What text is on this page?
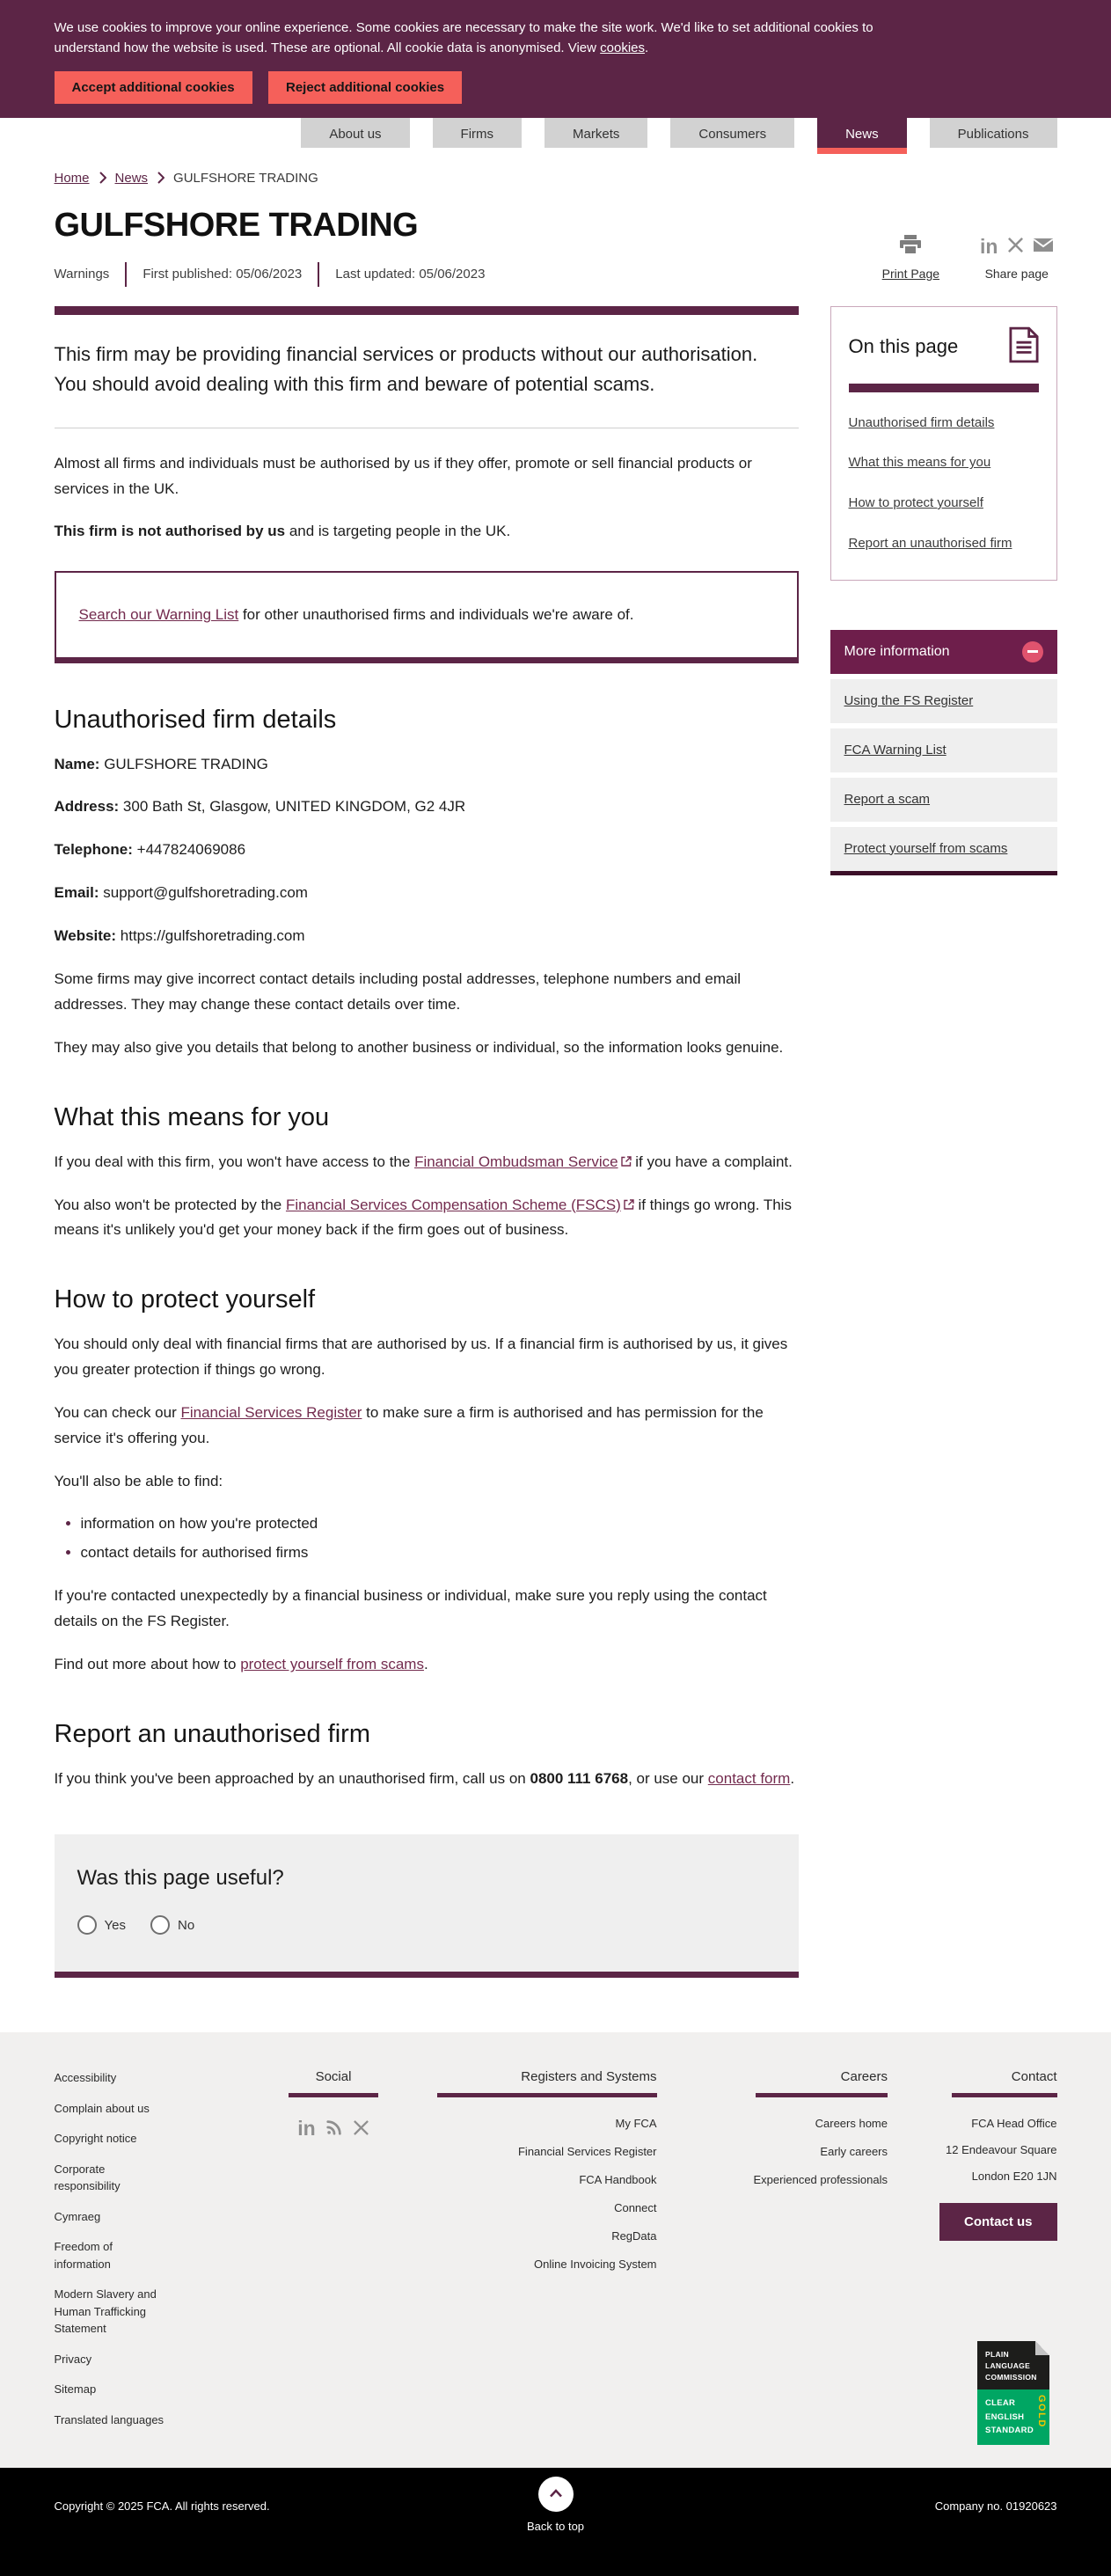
We use cookies to improve your online experience. Some cookies are necessary to make the site work. We'd like to set additional cookies to
understand how the website is used. These are optional. All cookie data is anonymised. View cookies.
Accept additional cookies	Reject additional cookies
About us	Firms	Markets	Consumers	News	Publications
Home News GULFSHORE TRADING
GULFSHORE TRADING
Warnings	First published: 05/06/2023	Last updated: 05/06/2023	Print Page
in
Share page

This firm may be providing financial services or products without our authorisation.
You should avoid dealing with this firm and beware of potential scams.

Almost all firms and individuals must be authorised by us if they offer, promote or sell financial products or services in the UK.

This firm is not authorised by us and is targeting people in the UK.

Search our Warning List for other unauthorised firms and individuals we're aware of.
Unauthorised firm details

Name: GULFSHORE TRADING

Address: 300 Bath St, Glasgow, UNITED KINGDOM, G2 4JR

Telephone: +447824069086

Email: support@gulfshoretrading.com

Website: https://gulfshoretrading.com

Some firms may give incorrect contact details including postal addresses, telephone numbers and email addresses. They may change these contact details over time.

They may also give you details that belong to another business or individual, so the information looks genuine.

What this means for you

If you deal with this firm, you won't have access to the Financial Ombudsman Service if you have a complaint.

You also won't be protected by the Financial Services Compensation Scheme (FSCS) if things go wrong. This means it's unlikely you'd get your money back if the firm goes out of business.

How to protect yourself

You should only deal with financial firms that are authorised by us. If a financial firm is authorised by us, it gives you greater protection if things go wrong.

You can check our Financial Services Register to make sure a firm is authorised and has permission for the service it's offering you.

You'll also be able to find:

• information on how you're protected
• contact details for authorised firms

If you're contacted unexpectedly by a financial business or individual, make sure you reply using the contact details on the FS Register.

Find out more about how to protect yourself from scams.

Report an unauthorised firm

If you think you've been approached by an unauthorised firm, call us on 0800 111 6768, or use our contact form.

Was this page useful?
Yes	No
On this page
Unauthorised firm details
What this means for you
How to protect yourself
Report an unauthorised firm
More information
Using the FS Register
FCA Warning List
Report a scam
Protect yourself from scams
Accessibility
Complain about us
Copyright notice
Corporate responsibility
Cymraeg
Freedom of information
Modern Slavery and Human Trafficking Statement
Privacy
Sitemap
Translated languages
Social
in
Registers and Systems
My FCA
Financial Services Register
FCA Handbook
Connect
RegData
Online Invoicing System
Careers
Careers home
Early careers
Experienced professionals
Contact
FCA Head Office
12 Endeavour Square
London E20 1JN
Contact us
PLAIN
LANGUAGE
COMMISSION
CLEAR
ENGLISH
STANDARD
GOLD
Copyright © 2025 FCA. All rights reserved.
Back to top
Company no. 01920623
